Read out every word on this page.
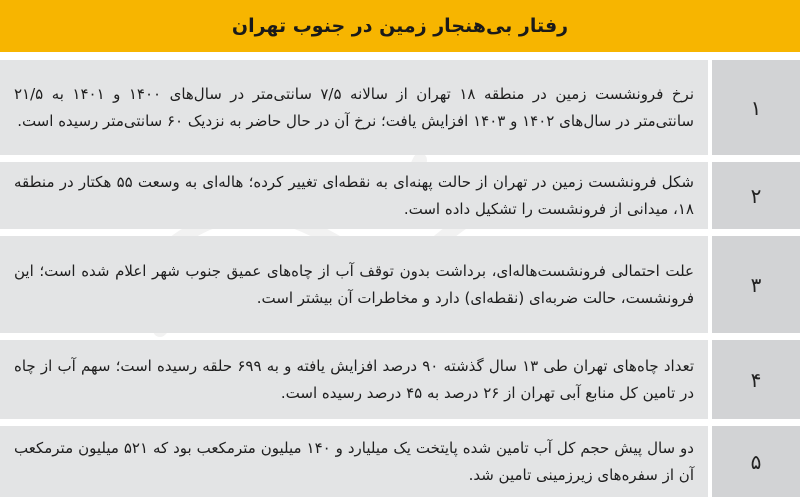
رفتار بی‌هنجار زمین در جنوب تهران
۱

نرخ فرونشست زمین در منطقه ۱۸ تهران از سالانه ۷/۵ سانتی‌متر در سال‌های ۱۴۰۰ و ۱۴۰۱ به ۲۱/۵ سانتی‌متر در سال‌های ۱۴۰۲ و ۱۴۰۳ افزایش یافت؛ نرخ آن در حال حاضر به نزدیک ۶۰ سانتی‌متر رسیده است.

۲

شکل فرونشست زمین در تهران از حالت پهنه‌ای به نقطه‌ای تغییر کرده؛ هاله‌ای به وسعت ۵۵ هکتار در منطقه ۱۸، میدانی از فرونشست را تشکیل داده است.

۳

علت احتمالی فرونشست‌هاله‌ای، برداشت بدون توقف آب از چاه‌های عمیق جنوب شهر اعلام شده است؛ این فرونشست، حالت ضربه‌ای (نقطه‌ای) دارد و مخاطرات آن بیشتر است.

۴

تعداد چاه‌های تهران طی ۱۳ سال گذشته ۹۰ درصد افزایش یافته و به ۶۹۹ حلقه رسیده است؛ سهم آب از چاه در تامین کل منابع آبی تهران از ۲۶ درصد به ۴۵ درصد رسیده است.

۵

دو سال پیش حجم کل آب تامین شده پایتخت یک میلیارد و ۱۴۰ میلیون مترمکعب بود که ۵۲۱ میلیون مترمکعب آن از سفره‌های زیرزمینی تامین شد.
